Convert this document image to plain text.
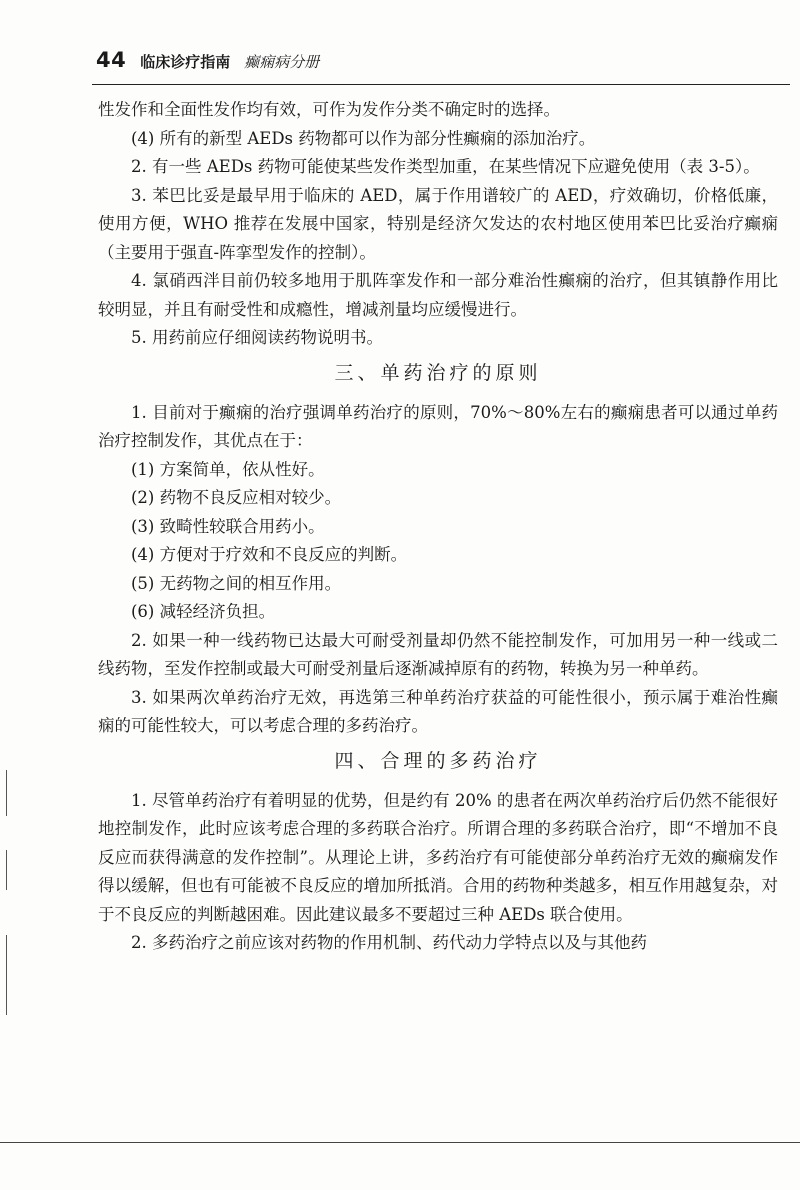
44 临床诊疗指南 癫痫病分册

性发作和全面性发作均有效，可作为发作分类不确定时的选择。

(4) 所有的新型 AEDs 药物都可以作为部分性癫痫的添加治疗。

2. 有一些 AEDs 药物可能使某些发作类型加重，在某些情况下应避免使用（表 3-5）。

3. 苯巴比妥是最早用于临床的 AED，属于作用谱较广的 AED，疗效确切，价格低廉，使用方便，WHO 推荐在发展中国家，特别是经济欠发达的农村地区使用苯巴比妥治疗癫痫（主要用于强直-阵挛型发作的控制）。

4. 氯硝西泮目前仍较多地用于肌阵挛发作和一部分难治性癫痫的治疗，但其镇静作用比较明显，并且有耐受性和成瘾性，增减剂量均应缓慢进行。

5. 用药前应仔细阅读药物说明书。

三、单药治疗的原则

1. 目前对于癫痫的治疗强调单药治疗的原则，70%～80%左右的癫痫患者可以通过单药治疗控制发作，其优点在于：

(1) 方案简单，依从性好。

(2) 药物不良反应相对较少。

(3) 致畸性较联合用药小。

(4) 方便对于疗效和不良反应的判断。

(5) 无药物之间的相互作用。

(6) 减轻经济负担。

2. 如果一种一线药物已达最大可耐受剂量却仍然不能控制发作，可加用另一种一线或二线药物，至发作控制或最大可耐受剂量后逐渐减掉原有的药物，转换为另一种单药。

3. 如果两次单药治疗无效，再选第三种单药治疗获益的可能性很小，预示属于难治性癫痫的可能性较大，可以考虑合理的多药治疗。

四、合理的多药治疗

1. 尽管单药治疗有着明显的优势，但是约有 20% 的患者在两次单药治疗后仍然不能很好地控制发作，此时应该考虑合理的多药联合治疗。所谓合理的多药联合治疗，即“不增加不良反应而获得满意的发作控制”。从理论上讲，多药治疗有可能使部分单药治疗无效的癫痫发作得以缓解，但也有可能被不良反应的增加所抵消。合用的药物种类越多，相互作用越复杂，对于不良反应的判断越困难。因此建议最多不要超过三种 AEDs 联合使用。

2. 多药治疗之前应该对药物的作用机制、药代动力学特点以及与其他药
